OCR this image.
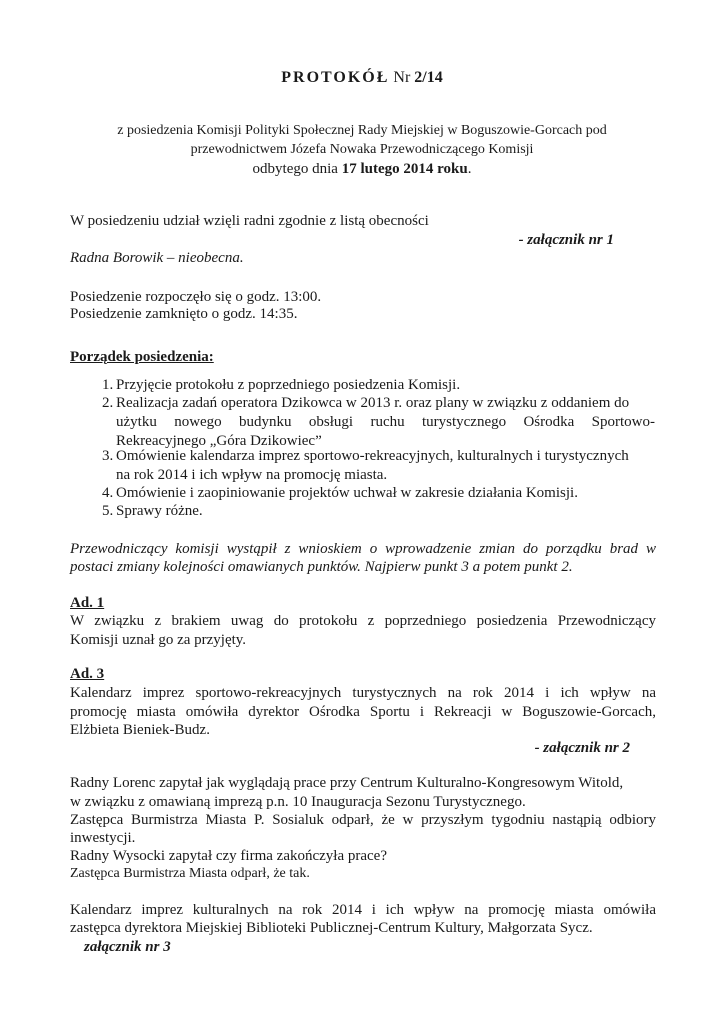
PROTOKÓŁ Nr 2/14
z posiedzenia Komisji Polityki Społecznej Rady Miejskiej w Boguszowie-Gorcach pod
przewodnictwem Józefa Nowaka Przewodniczącego Komisji
odbytego dnia 17 lutego 2014 roku.
W posiedzeniu udział wzięli radni zgodnie z listą obecności
- załącznik nr 1
Radna Borowik – nieobecna.
Posiedzenie rozpoczęło się o godz. 13:00.
Posiedzenie zamknięto o godz. 14:35.
Porządek posiedzenia:
1. Przyjęcie protokołu z poprzedniego posiedzenia Komisji.
2. Realizacja zadań operatora Dzikowca w 2013 r. oraz plany w związku z oddaniem do
użytku nowego budynku obsługi ruchu turystycznego Ośrodka Sportowo-
Rekreacyjnego „Góra Dzikowiec”
3. Omówienie kalendarza imprez sportowo-rekreacyjnych, kulturalnych i turystycznych
na rok 2014 i ich wpływ na promocję miasta.
4. Omówienie i zaopiniowanie projektów uchwał w zakresie działania Komisji.
5. Sprawy różne.
Przewodniczący komisji wystąpił z wnioskiem o wprowadzenie zmian do porządku brad w
postaci zmiany kolejności omawianych punktów. Najpierw punkt 3 a potem punkt 2.
Ad. 1
W związku z brakiem uwag do protokołu z poprzedniego posiedzenia Przewodniczący
Komisji uznał go za przyjęty.
Ad. 3
Kalendarz imprez sportowo-rekreacyjnych turystycznych na rok 2014 i ich wpływ na
promocję miasta omówiła dyrektor Ośrodka Sportu i Rekreacji w Boguszowie-Gorcach,
Elżbieta Bieniek-Budz.
- załącznik nr 2
Radny Lorenc zapytał jak wyglądają prace przy Centrum Kulturalno-Kongresowym Witold,
w związku z omawianą imprezą p.n. 10 Inauguracja Sezonu Turystycznego.
Zastępca Burmistrza Miasta P. Sosialuk odparł, że w przyszłym tygodniu nastąpią odbiory
inwestycji.
Radny Wysocki zapytał czy firma zakończyła prace?
Zastępca Burmistrza Miasta odparł, że tak.
Kalendarz imprez kulturalnych na rok 2014 i ich wpływ na promocję miasta omówiła
zastępca dyrektora Miejskiej Biblioteki Publicznej-Centrum Kultury, Małgorzata Sycz.
załącznik nr 3
